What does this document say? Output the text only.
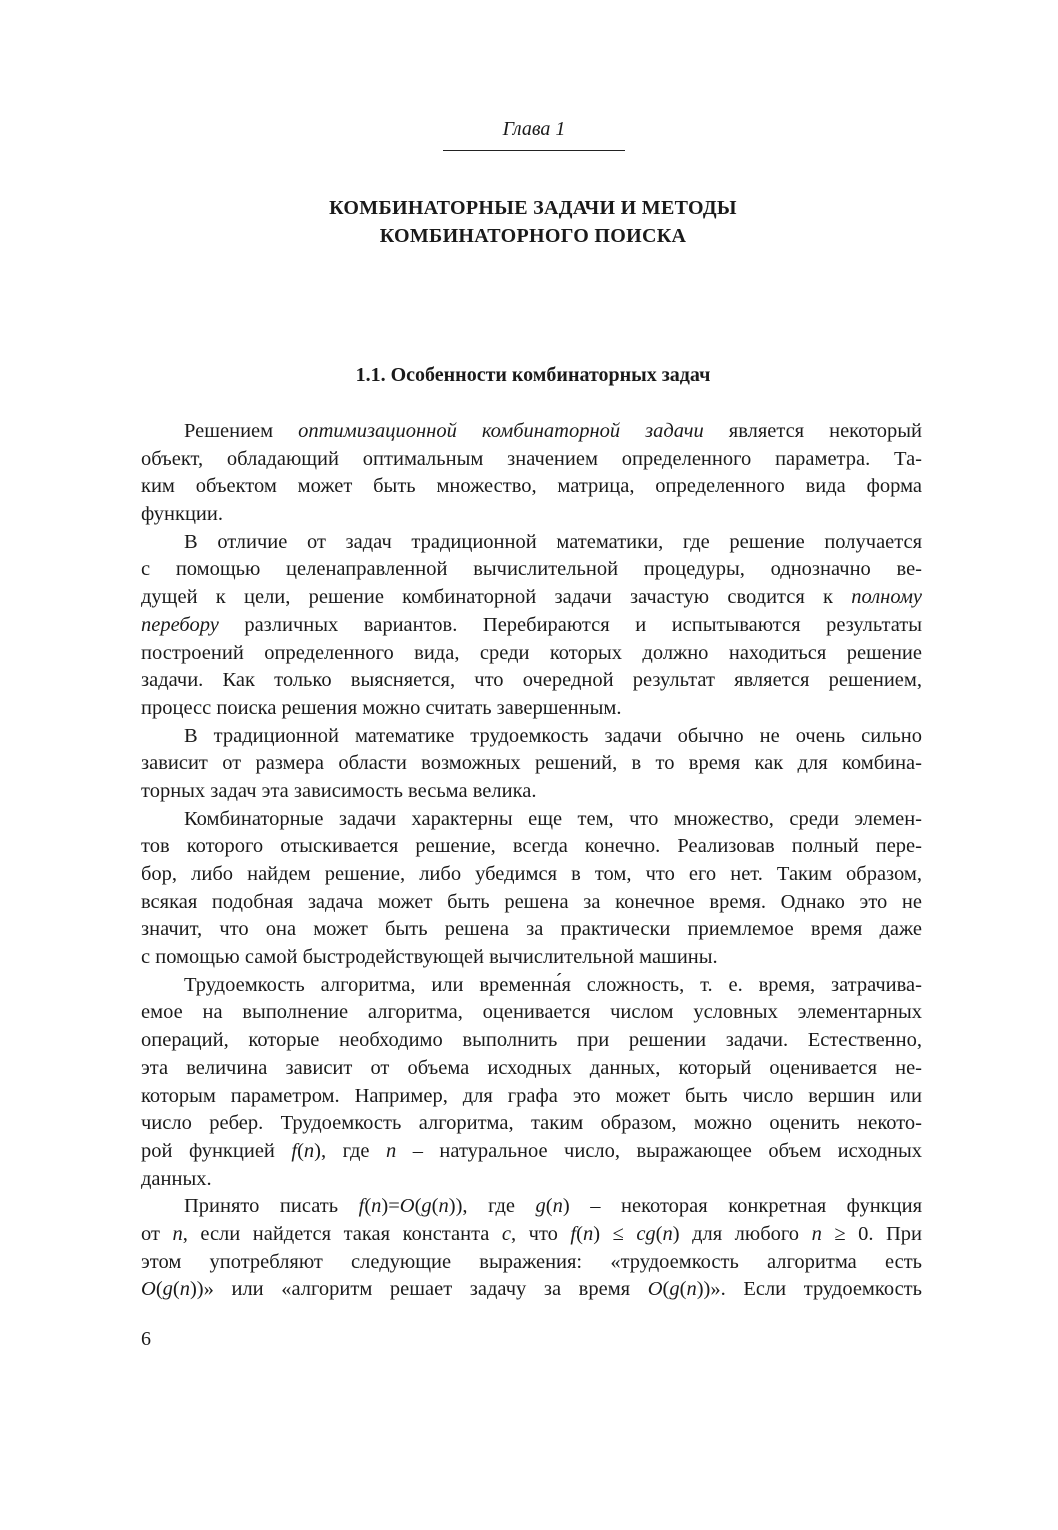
Глава 1
КОМБИНАТОРНЫЕ ЗАДАЧИ И МЕТОДЫ
КОМБИНАТОРНОГО ПОИСКА
1.1. Особенности комбинаторных задач
Решением оптимизационной комбинаторной задачи является некоторый
объект, обладающий оптимальным значением определенного параметра. Та-
ким объектом может быть множество, матрица, определенного вида форма
функции.
В отличие от задач традиционной математики, где решение получается
с помощью целенаправленной вычислительной процедуры, однозначно ве-
дущей к цели, решение комбинаторной задачи зачастую сводится к полному
перебору различных вариантов. Перебираются и испытываются результаты
построений определенного вида, среди которых должно находиться решение
задачи. Как только выясняется, что очередной результат является решением,
процесс поиска решения можно считать завершенным.
В традиционной математике трудоемкость задачи обычно не очень сильно
зависит от размера области возможных решений, в то время как для комбина-
торных задач эта зависимость весьма велика.
Комбинаторные задачи характерны еще тем, что множество, среди элемен-
тов которого отыскивается решение, всегда конечно. Реализовав полный пере-
бор, либо найдем решение, либо убедимся в том, что его нет. Таким образом,
всякая подобная задача может быть решена за конечное время. Однако это не
значит, что она может быть решена за практически приемлемое время даже
с помощью самой быстродействующей вычислительной машины.
Трудоемкость алгоритма, или временна́я сложность, т. е. время, затрачива-
емое на выполнение алгоритма, оценивается числом условных элементарных
операций, которые необходимо выполнить при решении задачи. Естественно,
эта величина зависит от объема исходных данных, который оценивается не-
которым параметром. Например, для графа это может быть число вершин или
число ребер. Трудоемкость алгоритма, таким образом, можно оценить некото-
рой функцией f(n), где n – натуральное число, выражающее объем исходных
данных.
Принято писать f(n)=O(g(n)), где g(n) – некоторая конкретная функция
от n, если найдется такая константа c, что f(n) ≤ cg(n) для любого n ≥ 0. При
этом употребляют следующие выражения: «трудоемкость алгоритма есть
O(g(n))» или «алгоритм решает задачу за время O(g(n))». Если трудоемкость
6
